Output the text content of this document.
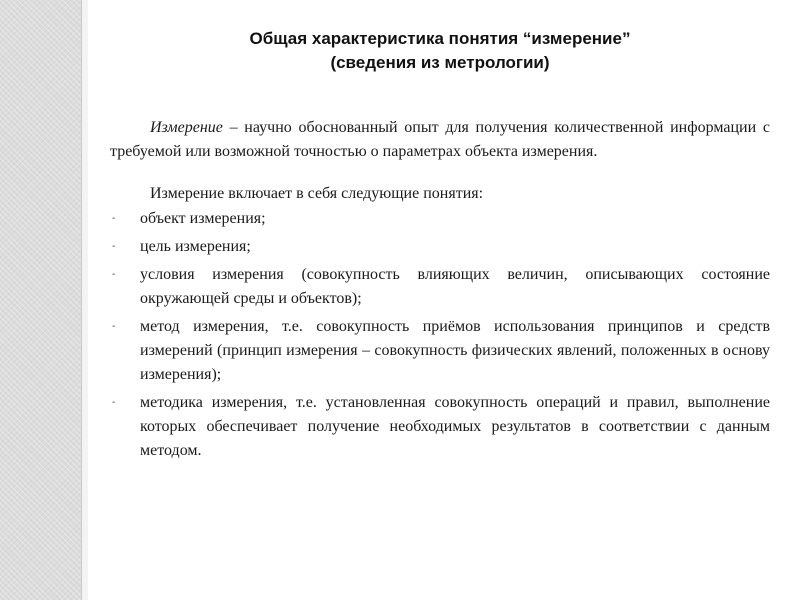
Общая характеристика понятия “измерение”
(сведения из метрологии)

Измерение – научно обоснованный опыт для получения количественной информации с требуемой или возможной точностью о параметрах объекта измерения.

Измерение включает в себя следующие понятия:

- объект измерения;
- цель измерения;
- условия измерения (совокупность влияющих величин, описывающих состояние окружающей среды и объектов);
- метод измерения, т.е. совокупность приёмов использования принципов и средств измерений (принцип измерения – совокупность физических явлений, положенных в основу измерения);
- методика измерения, т.е. установленная совокупность операций и правил, выполнение которых обеспечивает получение необходимых результатов в соответствии с данным методом.
